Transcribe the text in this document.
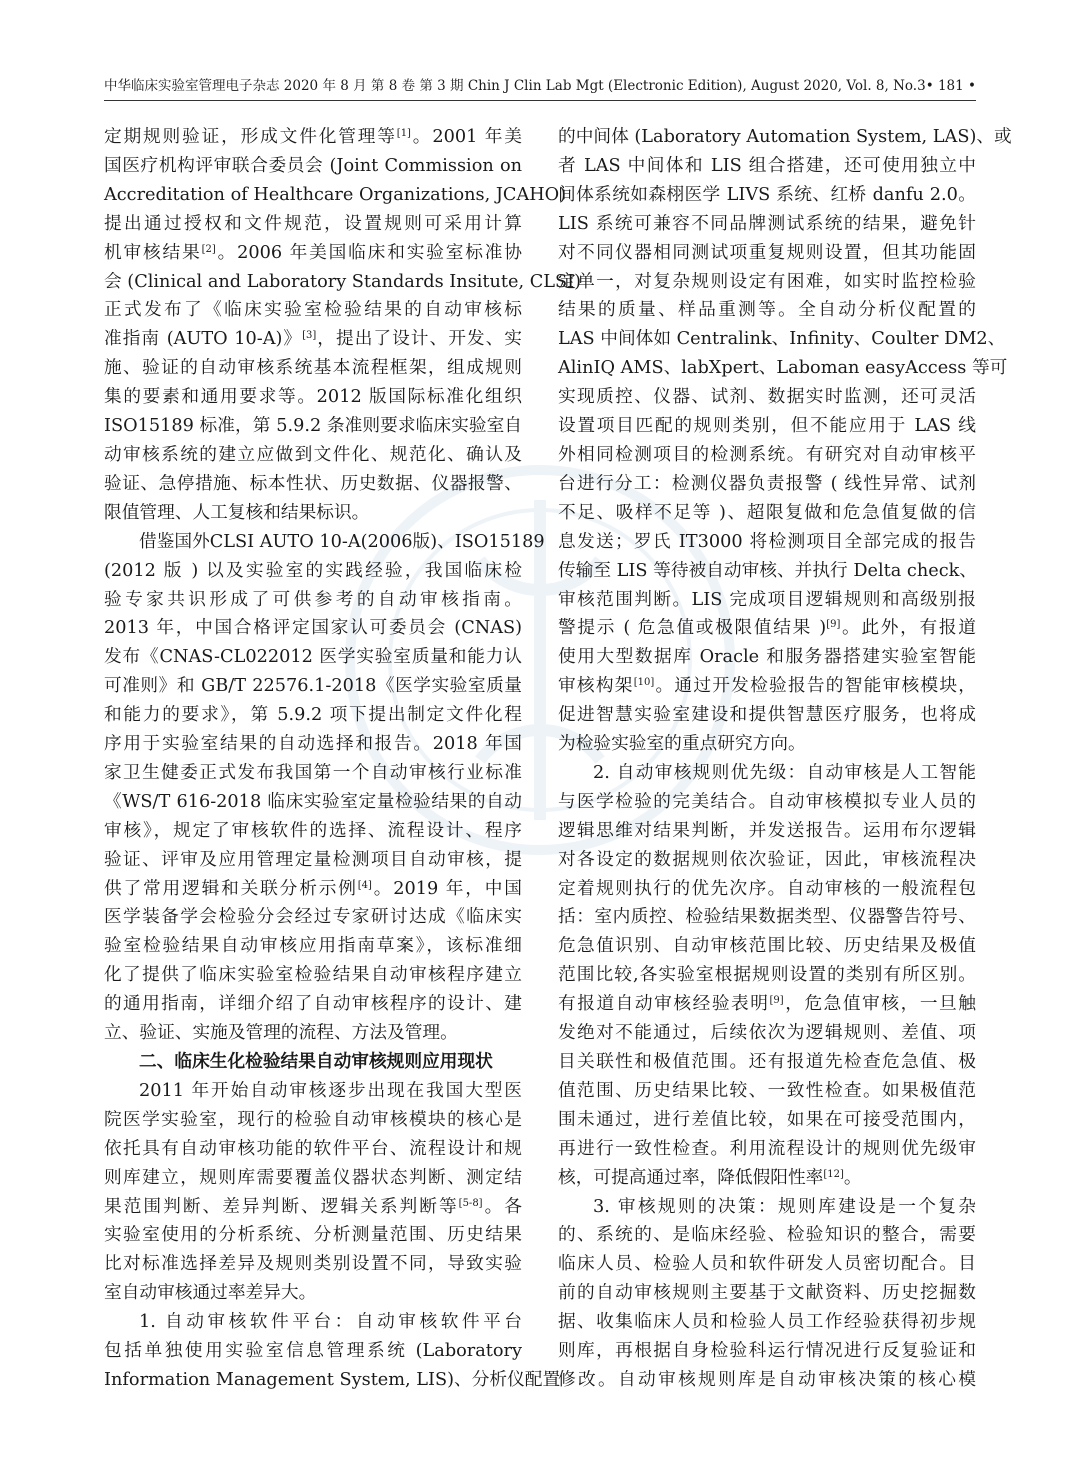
中华临床实验室管理电子杂志 2020 年 8 月 第 8 卷 第 3 期 Chin J Clin Lab Mgt (Electronic Edition), August 2020, Vol. 8, No.3 • 181 •
定期规则验证，形成文件化管理等[1]。2001 年美
国医疗机构评审联合委员会 (Joint Commission on
Accreditation of Healthcare Organizations, JCAHO)
提出通过授权和文件规范，设置规则可采用计算
机审核结果[2]。2006 年美国临床和实验室标准协
会 (Clinical and Laboratory Standards Insitute, CLSI)
正式发布了《临床实验室检验结果的自动审核标
准指南 (AUTO 10-A)》[3]，提出了设计、开发、实
施、验证的自动审核系统基本流程框架，组成规则
集的要素和通用要求等。2012 版国际标准化组织
ISO15189 标准，第 5.9.2 条准则要求临床实验室自
动审核系统的建立应做到文件化、规范化、确认及
验证、急停措施、标本性状、历史数据、仪器报警、
限值管理、人工复核和结果标识。
借鉴国外CLSI AUTO 10-A(2006版)、ISO15189
(2012 版 ) 以及实验室的实践经验，我国临床检
验专家共识形成了可供参考的自动审核指南。
2013 年，中国合格评定国家认可委员会 (CNAS)
发布《CNAS-CL022012 医学实验室质量和能力认
可准则》和 GB/T 22576.1-2018《医学实验室质量
和能力的要求》，第 5.9.2 项下提出制定文件化程
序用于实验室结果的自动选择和报告。2018 年国
家卫生健委正式发布我国第一个自动审核行业标准
《WS/T 616-2018 临床实验室定量检验结果的自动
审核》，规定了审核软件的选择、流程设计、程序
验证、评审及应用管理定量检测项目自动审核，提
供了常用逻辑和关联分析示例[4]。2019 年，中国
医学装备学会检验分会经过专家研讨达成《临床实
验室检验结果自动审核应用指南草案》，该标准细
化了提供了临床实验室检验结果自动审核程序建立
的通用指南，详细介绍了自动审核程序的设计、建
立、验证、实施及管理的流程、方法及管理。
二、临床生化检验结果自动审核规则应用现状
2011 年开始自动审核逐步出现在我国大型医
院医学实验室，现行的检验自动审核模块的核心是
依托具有自动审核功能的软件平台、流程设计和规
则库建立，规则库需要覆盖仪器状态判断、测定结
果范围判断、差异判断、逻辑关系判断等[5-8]。各
实验室使用的分析系统、分析测量范围、历史结果
比对标准选择差异及规则类别设置不同，导致实验
室自动审核通过率差异大。
1. 自动审核软件平台：自动审核软件平台
包括单独使用实验室信息管理系统 (Laboratory
Information Management System, LIS)、分析仪配置
的中间体 (Laboratory Automation System, LAS)、或
者 LAS 中间体和 LIS 组合搭建，还可使用独立中
间体系统如森栩医学 LIVS 系统、红桥 danfu 2.0。
LIS 系统可兼容不同品牌测试系统的结果，避免针
对不同仪器相同测试项重复规则设置，但其功能固
定单一，对复杂规则设定有困难，如实时监控检验
结果的质量、样品重测等。全自动分析仪配置的
LAS 中间体如 Centralink、Infinity、Coulter DM2、
AlinIQ AMS、labXpert、Laboman easyAccess 等可
实现质控、仪器、试剂、数据实时监测，还可灵活
设置项目匹配的规则类别，但不能应用于 LAS 线
外相同检测项目的检测系统。有研究对自动审核平
台进行分工：检测仪器负责报警 ( 线性异常、试剂
不足、吸样不足等 )、超限复做和危急值复做的信
息发送；罗氏 IT3000 将检测项目全部完成的报告
传输至 LIS 等待被自动审核、并执行 Delta check、
审核范围判断。LIS 完成项目逻辑规则和高级别报
警提示 ( 危急值或极限值结果 )[9]。此外，有报道
使用大型数据库 Oracle 和服务器搭建实验室智能
审核构架[10]。通过开发检验报告的智能审核模块，
促进智慧实验室建设和提供智慧医疗服务，也将成
为检验实验室的重点研究方向。
2. 自动审核规则优先级：自动审核是人工智能
与医学检验的完美结合。自动审核模拟专业人员的
逻辑思维对结果判断，并发送报告。运用布尔逻辑
对各设定的数据规则依次验证，因此，审核流程决
定着规则执行的优先次序。自动审核的一般流程包
括：室内质控、检验结果数据类型、仪器警告符号、
危急值识别、自动审核范围比较、历史结果及极值
范围比较,各实验室根据规则设置的类别有所区别。
有报道自动审核经验表明[9]，危急值审核，一旦触
发绝对不能通过，后续依次为逻辑规则、差值、项
目关联性和极值范围。还有报道先检查危急值、极
值范围、历史结果比较、一致性检查。如果极值范
围未通过，进行差值比较，如果在可接受范围内，
再进行一致性检查。利用流程设计的规则优先级审
核，可提高通过率，降低假阳性率[12]。
3. 审核规则的决策：规则库建设是一个复杂
的、系统的、是临床经验、检验知识的整合，需要
临床人员、检验人员和软件研发人员密切配合。目
前的自动审核规则主要基于文献资料、历史挖掘数
据、收集临床人员和检验人员工作经验获得初步规
则库，再根据自身检验科运行情况进行反复验证和
修改。自动审核规则库是自动审核决策的核心模
